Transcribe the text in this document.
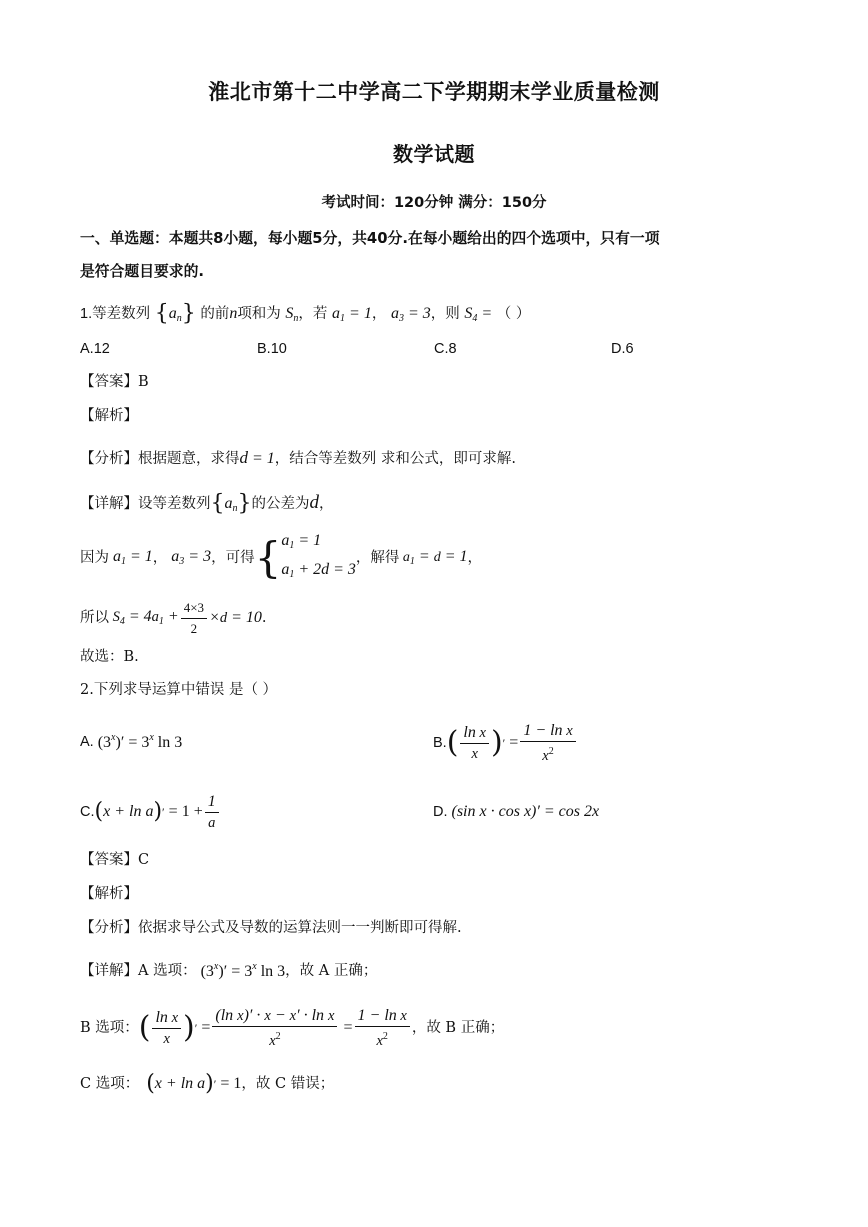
淮北市第十二中学高二下学期期末学业质量检测
数学试题
考试时间：120分钟 满分：150分
一、单选题：本题共8小题，每小题5分，共40分.在每小题给出的四个选项中，只有一项
是符合题目要求的.
1.等差数列 $\{a_n\}$ 的前n项和为 $S_n$，若 a1 = 1， a3 = 3，则 S4 = （ ）
A.12	B.10	C.8	D.6
【答案】B
【解析】
【分析】根据题意，求得d = 1，结合等差数列 求和公式，即可求解.
【详解】设等差数列$\{a_n\}$的公差为d，
因为 a1 = 1 ， a3 = 3 ，可得 { a1 = 1
a1 + 2d = 3
，解得 $a_1 = d = 1$ ，
所以 $S_4 = 4a_1 + \frac{4\times 3}{2} \times d = 10$ .
故选：B.
2.下列求导运算中错误 是（ ）
A. $(3^x)' = 3^x$ ln 3	B. ( $\frac{\text{ln x}}{x}$ ) ′ = $\frac{\text{1 − ln x}}{x^2}$
C. ( x + ln a ) ′ = $1 + \frac{1}{a}$	D. (sin x · cos x)′ = cos 2x
【答案】C
【解析】
【分析】依据求导公式及导数的运算法则一一判断即可得解.
【详解】A 选项： $(3^x)' = 3^x$ ln 3 ，故 A 正确；
B 选项： ( $\frac{\text{ln x}}{x}$ ) ′ = $\frac{\text{(ln x)′ · x − x′ · ln x}}{x^2} = \frac{\text{1 − ln x}}{x^2}$ ，故 B 正确；
C 选项： ( x + ln a ) ′ = 1 ，故 C 错误；
